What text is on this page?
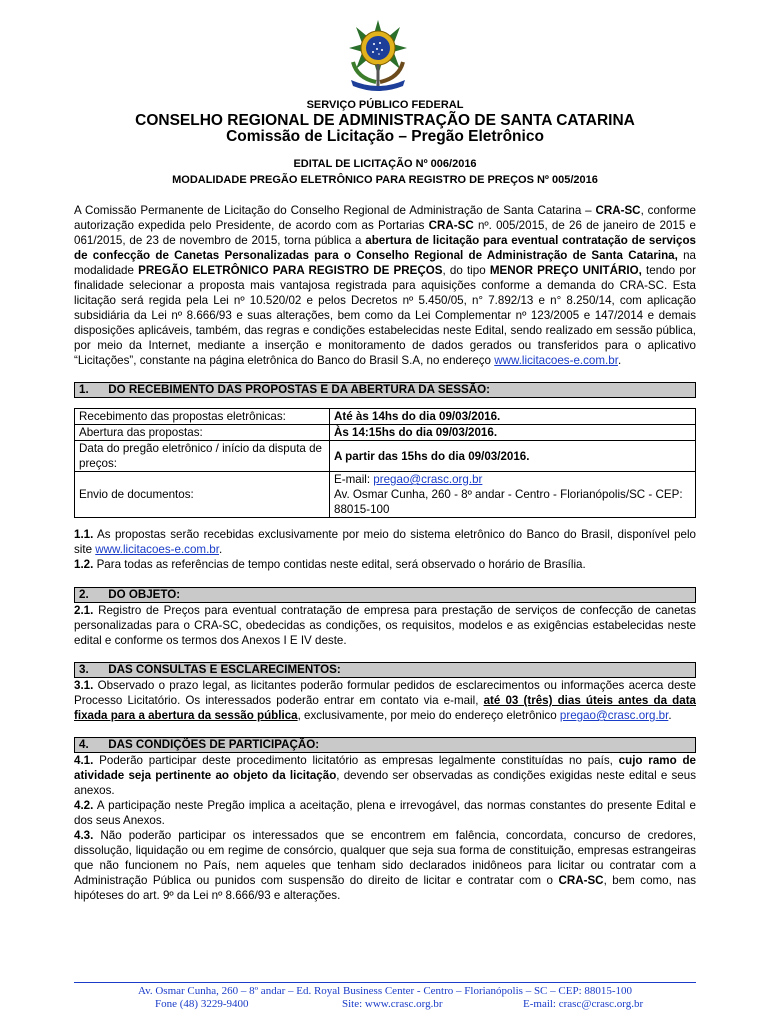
SERVIÇO PÚBLICO FEDERAL
CONSELHO REGIONAL DE ADMINISTRAÇÃO DE SANTA CATARINA
Comissão de Licitação – Pregão Eletrônico
EDITAL DE LICITAÇÃO Nº 006/2016
MODALIDADE PREGÃO ELETRÔNICO PARA REGISTRO DE PREÇOS Nº 005/2016

A Comissão Permanente de Licitação do Conselho Regional de Administração de Santa Catarina – CRA-SC, conforme autorização expedida pelo Presidente, de acordo com as Portarias CRA-SC nº. 005/2015, de 26 de janeiro de 2015 e 061/2015, de 23 de novembro de 2015, torna pública a abertura de licitação para eventual contratação de serviços de confecção de Canetas Personalizadas para o Conselho Regional de Administração de Santa Catarina, na modalidade PREGÃO ELETRÔNICO PARA REGISTRO DE PREÇOS, do tipo MENOR PREÇO UNITÁRIO, tendo por finalidade selecionar a proposta mais vantajosa registrada para aquisições conforme a demanda do CRA-SC. Esta licitação será regida pela Lei nº 10.520/02 e pelos Decretos nº 5.450/05, n° 7.892/13 e n° 8.250/14, com aplicação subsidiária da Lei nº 8.666/93 e suas alterações, bem como da Lei Complementar nº 123/2005 e 147/2014 e demais disposições aplicáveis, também, das regras e condições estabelecidas neste Edital, sendo realizado em sessão pública, por meio da Internet, mediante a inserção e monitoramento de dados gerados ou transferidos para o aplicativo “Licitações”, constante na página eletrônica do Banco do Brasil S.A, no endereço www.licitacoes-e.com.br.

1. DO RECEBIMENTO DAS PROPOSTAS E DA ABERTURA DA SESSÃO:
Recebimento das propostas eletrônicas:	Até às 14hs do dia 09/03/2016.
Abertura das propostas:	Às 14:15hs do dia 09/03/2016.
Data do pregão eletrônico / início da disputa de preços:	A partir das 15hs do dia 09/03/2016.
Envio de documentos:	E-mail: pregao@crasc.org.br
Av. Osmar Cunha, 260 - 8º andar - Centro - Florianópolis/SC - CEP: 88015-100

1.1. As propostas serão recebidas exclusivamente por meio do sistema eletrônico do Banco do Brasil, disponível pelo site www.licitacoes-e.com.br.

1.2. Para todas as referências de tempo contidas neste edital, será observado o horário de Brasília.

2. DO OBJETO:

2.1. Registro de Preços para eventual contratação de empresa para prestação de serviços de confecção de canetas personalizadas para o CRA-SC, obedecidas as condições, os requisitos, modelos e as exigências estabelecidas neste edital e conforme os termos dos Anexos I E IV deste.

3. DAS CONSULTAS E ESCLARECIMENTOS:

3.1. Observado o prazo legal, as licitantes poderão formular pedidos de esclarecimentos ou informações acerca deste Processo Licitatório. Os interessados poderão entrar em contato via e-mail, até 03 (três) dias úteis antes da data fixada para a abertura da sessão pública, exclusivamente, por meio do endereço eletrônico pregao@crasc.org.br.

4. DAS CONDIÇÕES DE PARTICIPAÇÃO:

4.1. Poderão participar deste procedimento licitatório as empresas legalmente constituídas no país, cujo ramo de atividade seja pertinente ao objeto da licitação, devendo ser observadas as condições exigidas neste edital e seus anexos.

4.2. A participação neste Pregão implica a aceitação, plena e irrevogável, das normas constantes do presente Edital e dos seus Anexos.

4.3. Não poderão participar os interessados que se encontrem em falência, concordata, concurso de credores, dissolução, liquidação ou em regime de consórcio, qualquer que seja sua forma de constituição, empresas estrangeiras que não funcionem no País, nem aqueles que tenham sido declarados inidôneos para licitar ou contratar com a Administração Pública ou punidos com suspensão do direito de licitar e contratar com o CRA-SC, bem como, nas hipóteses do art. 9º da Lei nº 8.666/93 e alterações.

Av. Osmar Cunha, 260 – 8º andar – Ed. Royal Business Center - Centro – Florianópolis – SC – CEP: 88015-100
Fone (48) 3229-9400	Site: www.crasc.org.br	E-mail: crasc@crasc.org.br
